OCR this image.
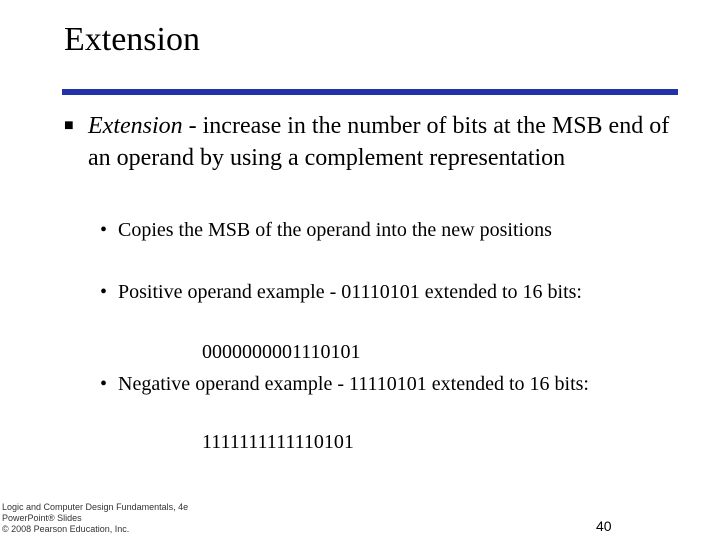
Extension
■ Extension - increase in the number of bits at the MSB end of an operand by using a complement representation
• Copies the MSB of the operand into the new positions
• Positive operand example - 01110101 extended to 16 bits:
0000000001110101
• Negative operand example - 11110101 extended to 16 bits:
1111111111110101
Logic and Computer Design Fundamentals, 4e
PowerPoint® Slides
© 2008 Pearson Education, Inc.	40
